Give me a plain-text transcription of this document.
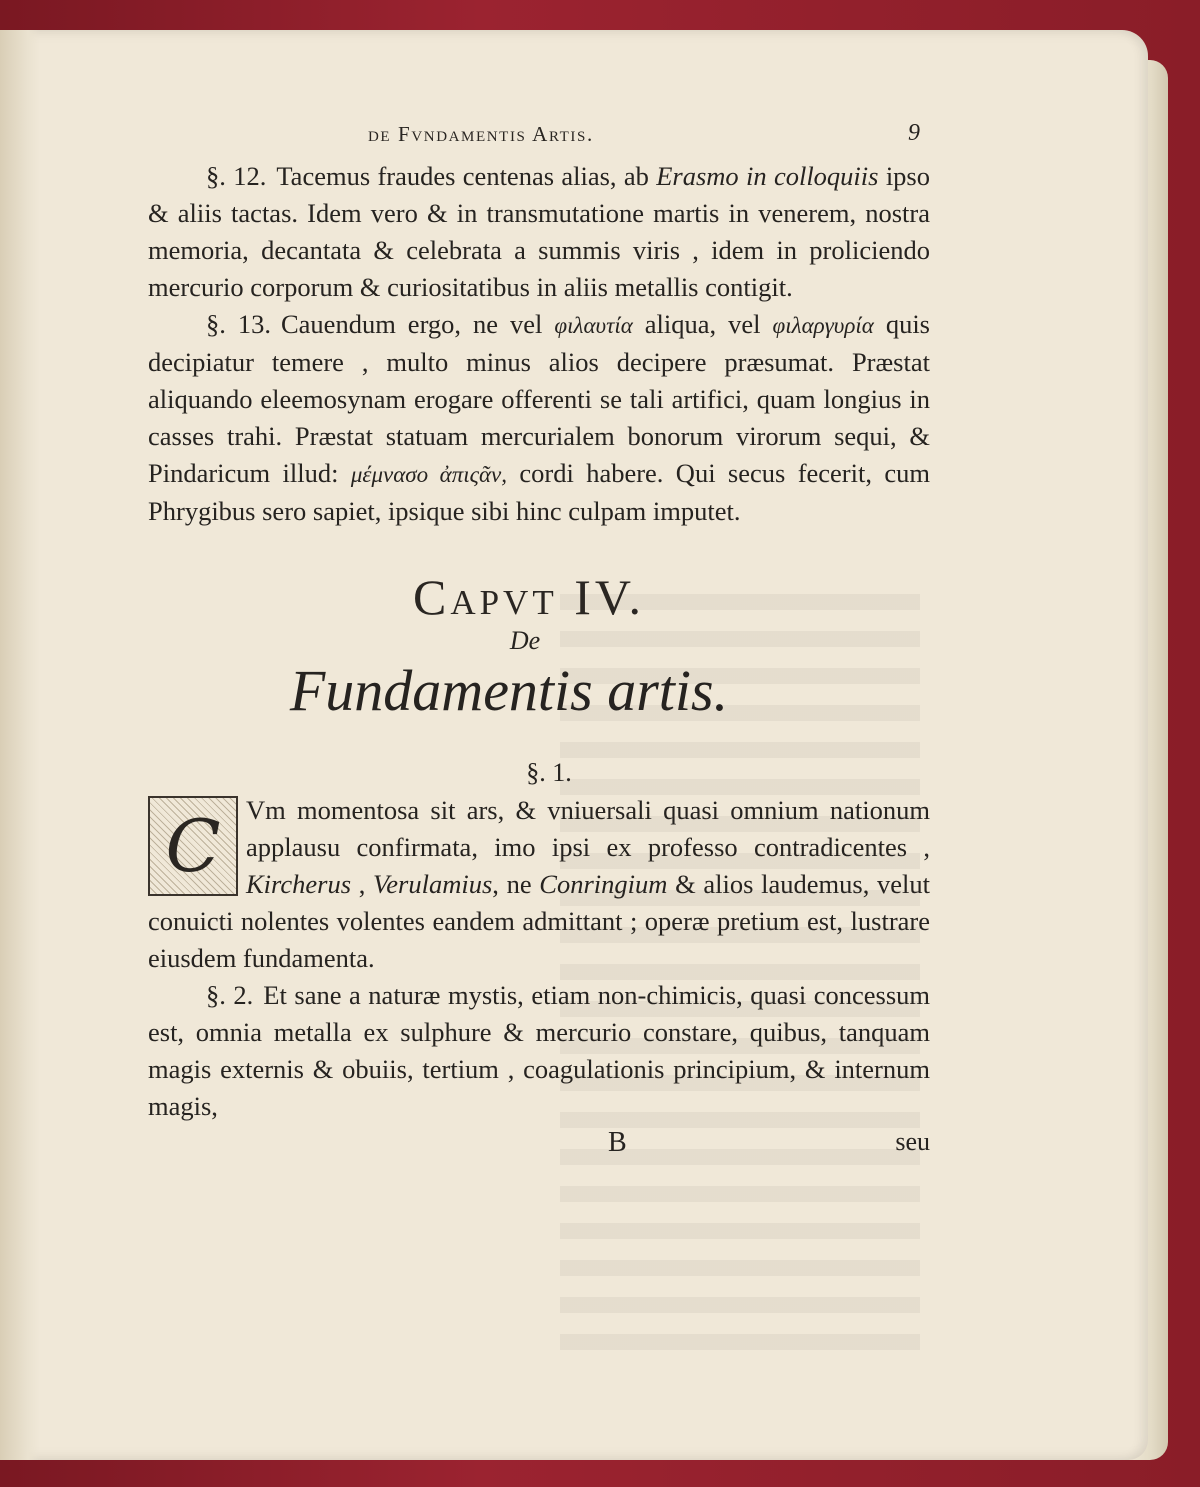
de Fvndamentis Artis.	9

§. 12. Tacemus fraudes centenas alias, ab Erasmo in colloquiis ipso & aliis tactas. Idem vero & in transmutatione martis in venerem, nostra memoria, decantata & celebrata a summis viris , idem in proliciendo mercurio corporum & curiositatibus in aliis metallis contigit.

§. 13. Cauendum ergo, ne vel φιλαυτία aliqua, vel φιλαργυρία quis decipiatur temere , multo minus alios decipere præsumat. Præstat aliquando eleemosynam erogare offerenti se tali artifici, quam longius in casses trahi. Præstat statuam mercurialem bonorum virorum sequi, & Pindaricum illud: μέμνασο ἀπιςᾶν, cordi habere. Qui secus fecerit, cum Phrygibus sero sapiet, ipsique sibi hinc culpam imputet.

Capvt IV.
De
Fundamentis artis.
§. 1.

C Vm momentosa sit ars, & vniuersali quasi omnium nationum applausu confirmata, imo ipsi ex professo contradicentes , Kircherus , Verulamius, ne Conringium & alios laudemus, velut conuicti nolentes volentes eandem admittant ; operæ pretium est, lustrare eiusdem fundamenta.

§. 2. Et sane a naturæ mystis, etiam non-chimicis, quasi concessum est, omnia metalla ex sulphure & mercurio constare, quibus, tanquam magis externis & obuiis, tertium , coagulationis principium, & internum magis,

B	seu
